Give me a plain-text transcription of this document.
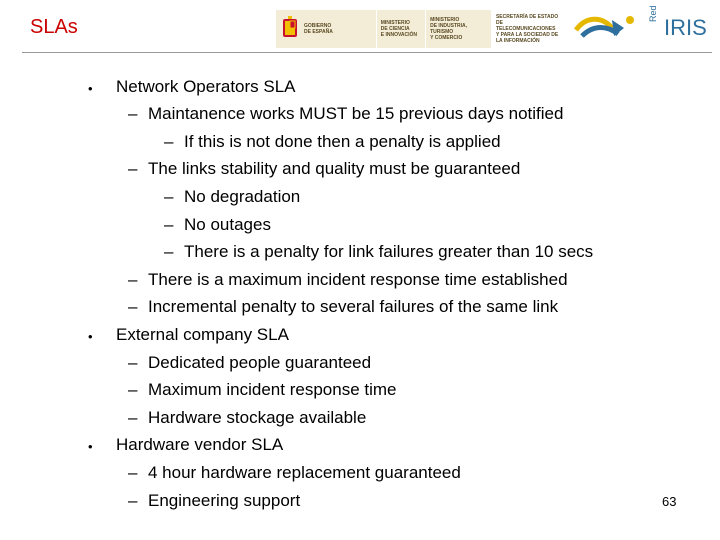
SLAs	GOBIERNO
DE ESPAÑA
MINISTERIO
DE CIENCIA
E INNOVACIÓN
MINISTERIO
DE INDUSTRIA, TURISMO
Y COMERCIO
SECRETARÍA DE ESTADO
DE TELECOMUNICACIONES
Y PARA LA SOCIEDAD DE
LA INFORMACIÓN
Red
IRIS
• Network Operators SLA
– Maintanence works MUST be 15 previous days notified
– If this is not done then a penalty is applied
– The links stability and quality must be guaranteed
– No degradation
– No outages
– There is a penalty for link failures greater than 10 secs
– There is a maximum incident response time established
– Incremental penalty to several failures of the same link
• External company SLA
– Dedicated people guaranteed
– Maximum incident response time
– Hardware stockage available
• Hardware vendor SLA
– 4 hour hardware replacement guaranteed
– Engineering support	63
